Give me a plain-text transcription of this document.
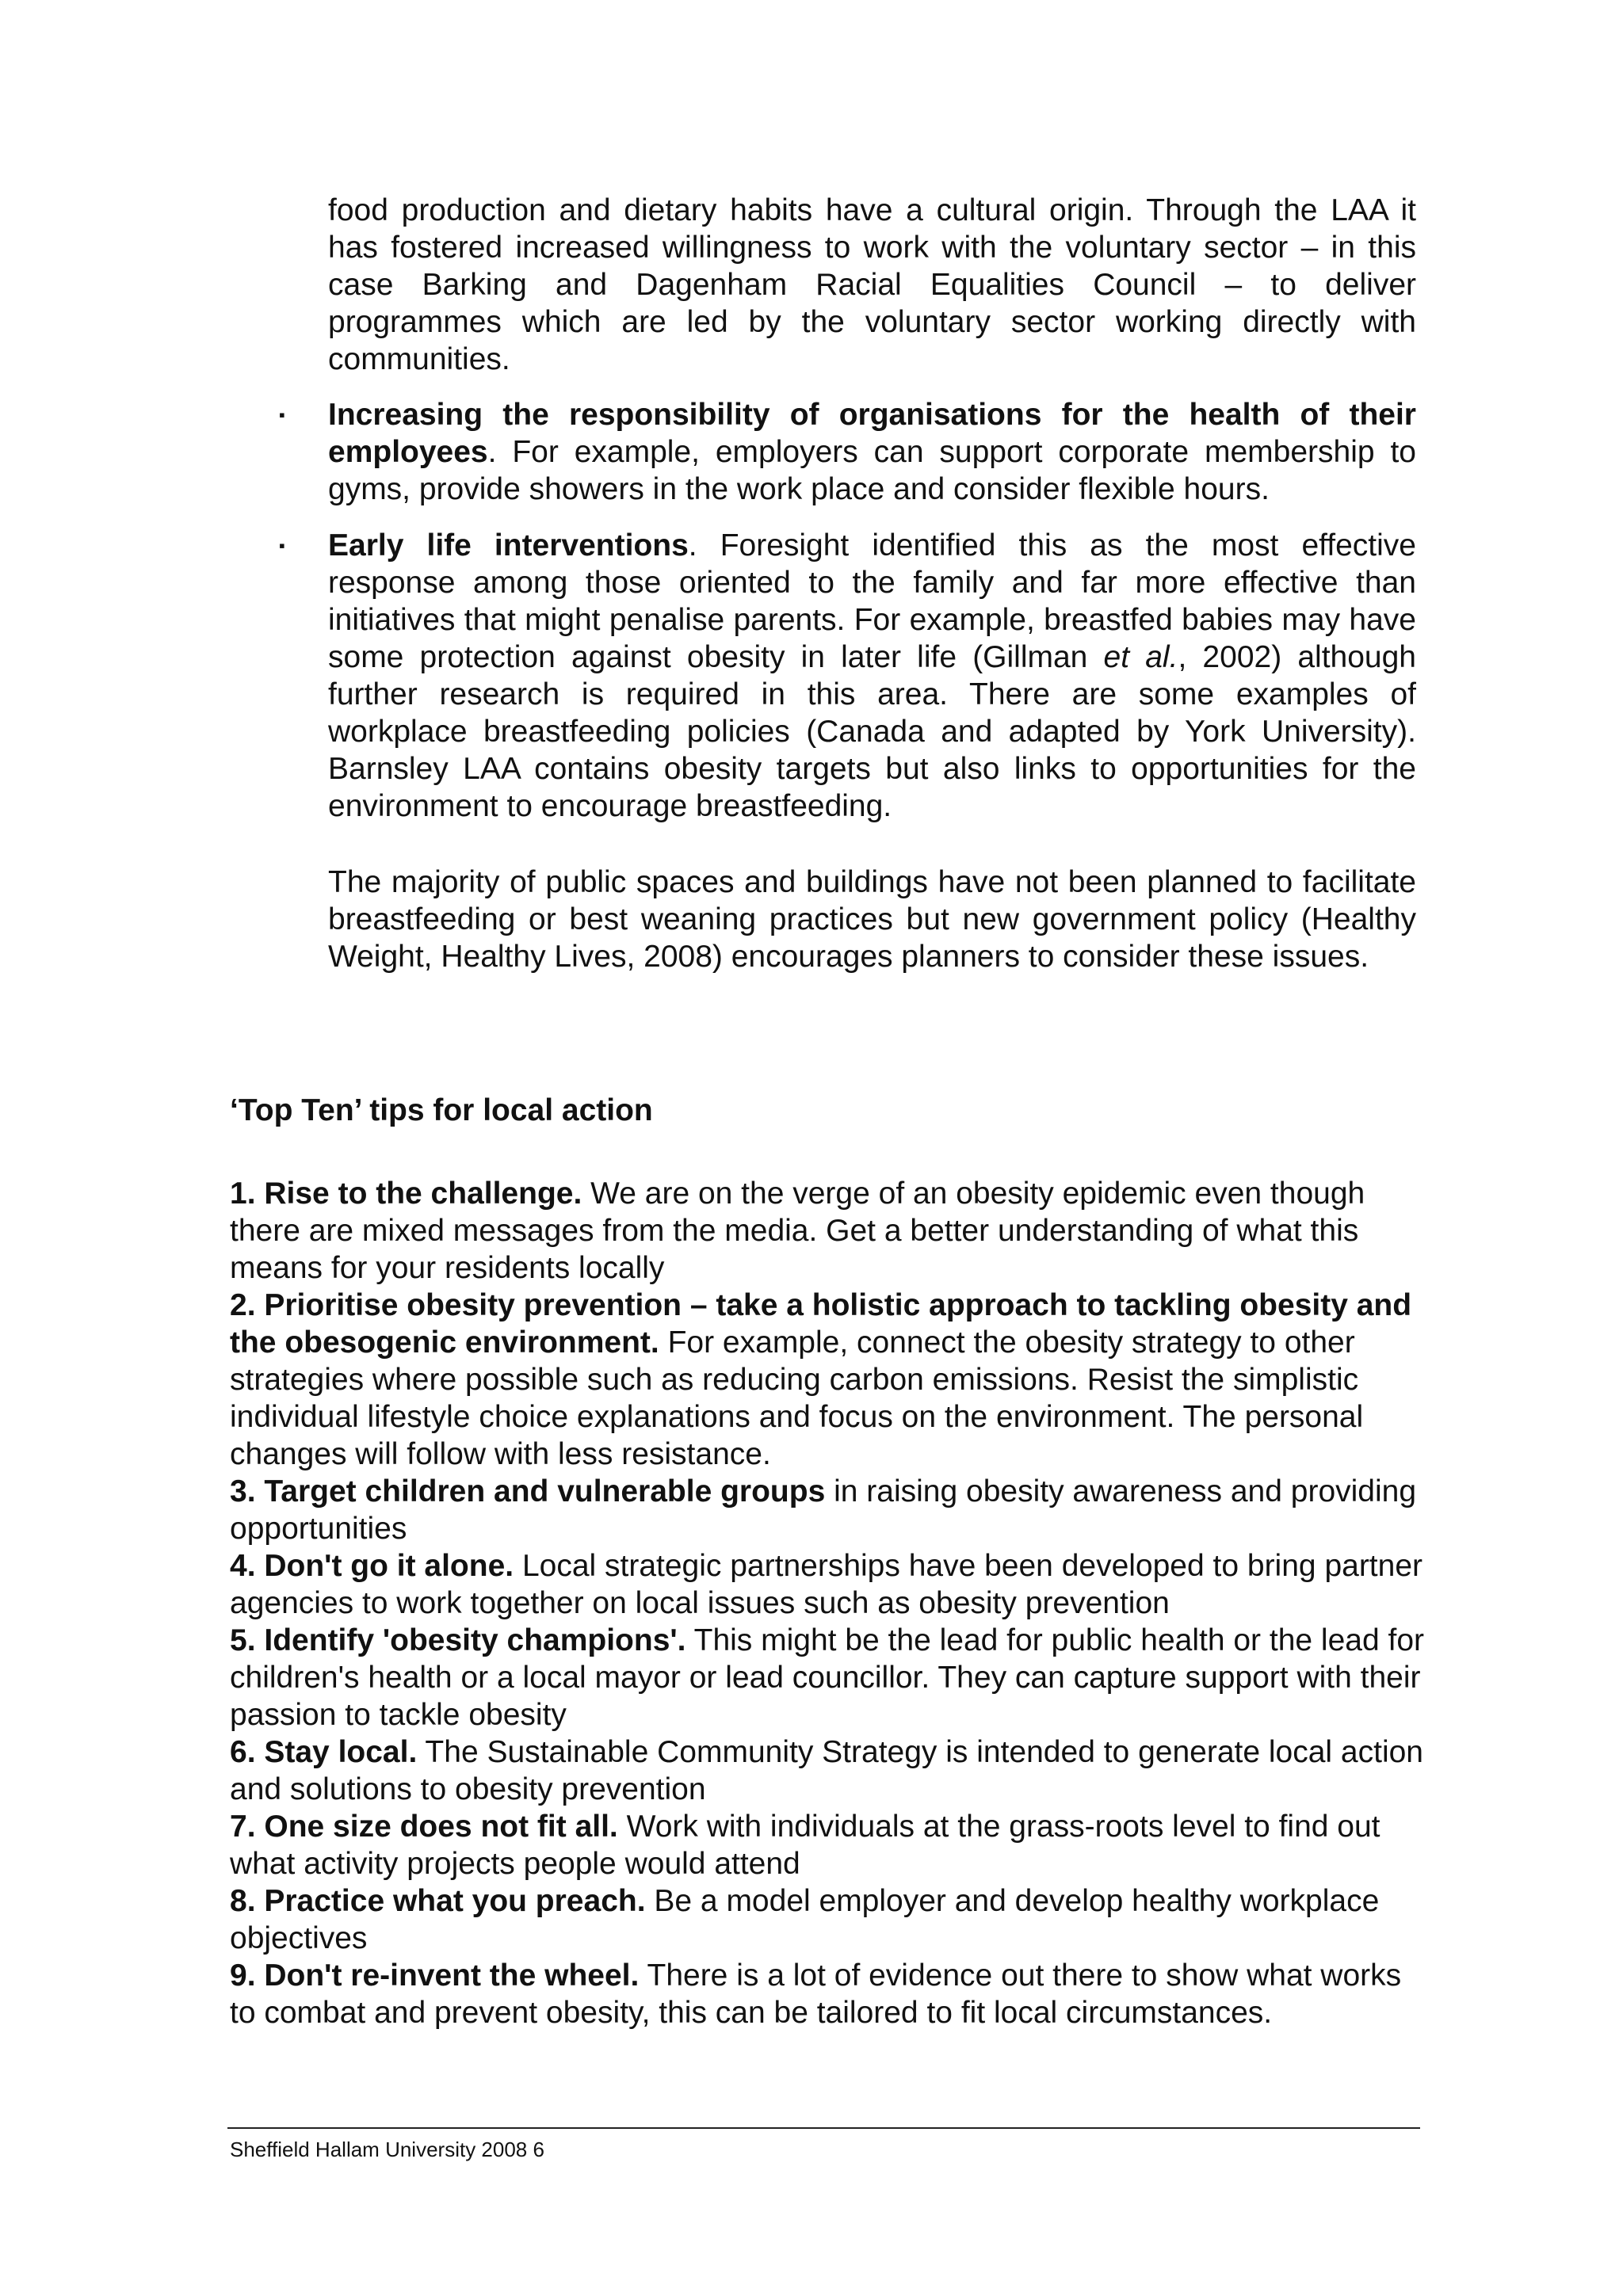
food production and dietary habits have a cultural origin. Through the LAA it has fostered increased willingness to work with the voluntary sector – in this case Barking and Dagenham Racial Equalities Council – to deliver programmes which are led by the voluntary sector working directly with communities.
▪	Increasing the responsibility of organisations for the health of their employees. For example, employers can support corporate membership to gyms, provide showers in the work place and consider flexible hours.
▪	Early life interventions. Foresight identified this as the most effective response among those oriented to the family and far more effective than initiatives that might penalise parents. For example, breastfed babies may have some protection against obesity in later life (Gillman et al., 2002) although further research is required in this area. There are some examples of workplace breastfeeding policies (Canada and adapted by York University). Barnsley LAA contains obesity targets but also links to opportunities for the environment to encourage breastfeeding.
The majority of public spaces and buildings have not been planned to facilitate breastfeeding or best weaning practices but new government policy (Healthy Weight, Healthy Lives, 2008) encourages planners to consider these issues.
‘Top Ten’ tips for local action

1. Rise to the challenge. We are on the verge of an obesity epidemic even though there are mixed messages from the media. Get a better understanding of what this means for your residents locally

2. Prioritise obesity prevention – take a holistic approach to tackling obesity and the obesogenic environment. For example, connect the obesity strategy to other strategies where possible such as reducing carbon emissions. Resist the simplistic individual lifestyle choice explanations and focus on the environment. The personal changes will follow with less resistance.

3. Target children and vulnerable groups in raising obesity awareness and providing opportunities

4. Don't go it alone. Local strategic partnerships have been developed to bring partner agencies to work together on local issues such as obesity prevention

5. Identify 'obesity champions'. This might be the lead for public health or the lead for children's health or a local mayor or lead councillor. They can capture support with their passion to tackle obesity

6. Stay local. The Sustainable Community Strategy is intended to generate local action and solutions to obesity prevention

7. One size does not fit all. Work with individuals at the grass-roots level to find out what activity projects people would attend

8. Practice what you preach. Be a model employer and develop healthy workplace objectives

9. Don't re-invent the wheel. There is a lot of evidence out there to show what works to combat and prevent obesity, this can be tailored to fit local circumstances.

Sheffield Hallam University 2008 6
